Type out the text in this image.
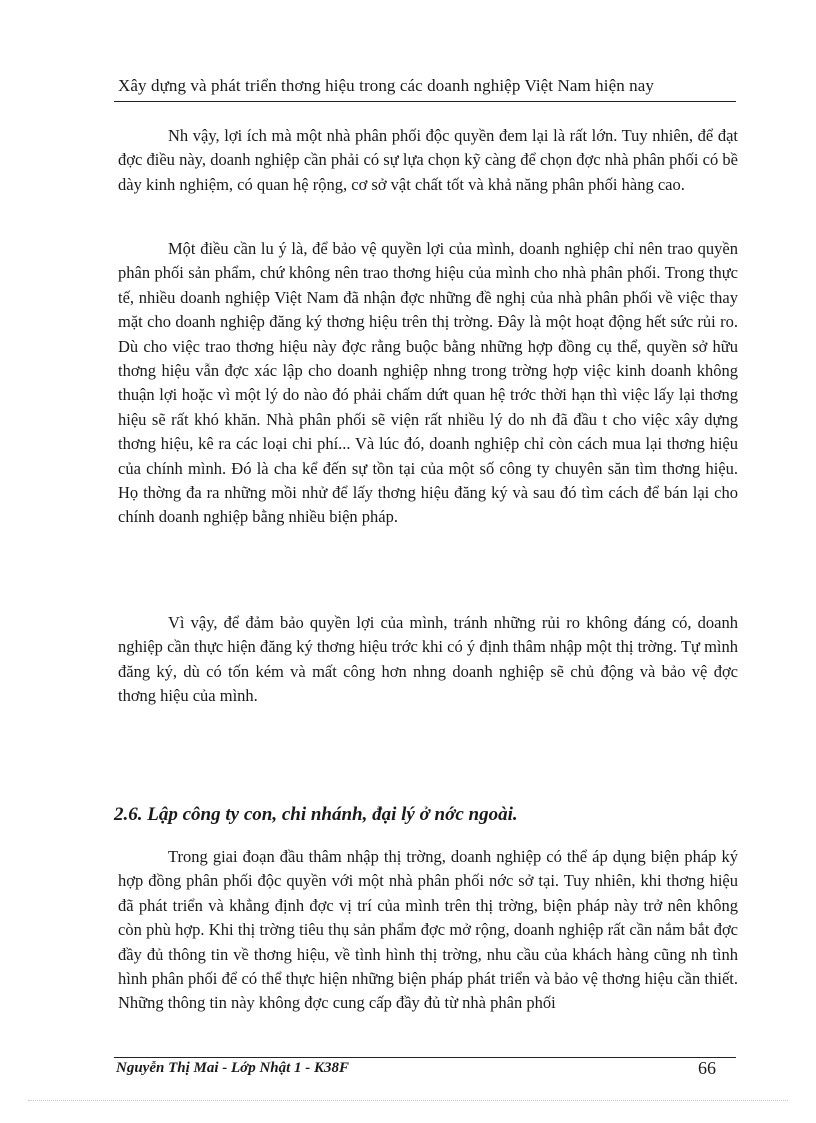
Xây dựng và phát triển thơng hiệu trong các doanh nghiệp Việt Nam hiện nay

Nh vậy, lợi ích mà một nhà phân phối độc quyền đem lại là rất lớn. Tuy nhiên, để đạt đợc điều này, doanh nghiệp cần phải có sự lựa chọn kỹ càng để chọn đợc nhà phân phối có bề dày kinh nghiệm, có quan hệ rộng, cơ sở vật chất tốt và khả năng phân phối hàng cao.

Một điều cần lu ý là, để bảo vệ quyền lợi của mình, doanh nghiệp chỉ nên trao quyền phân phối sản phẩm, chứ không nên trao thơng hiệu của mình cho nhà phân phối. Trong thực tế, nhiều doanh nghiệp Việt Nam đã nhận đợc những đề nghị của nhà phân phối về việc thay mặt cho doanh nghiệp đăng ký thơng hiệu trên thị trờng. Đây là một hoạt động hết sức rủi ro. Dù cho việc trao thơng hiệu này đợc rằng buộc bằng những hợp đồng cụ thể, quyền sở hữu thơng hiệu vẫn đợc xác lập cho doanh nghiệp nhng trong trờng hợp việc kinh doanh không thuận lợi hoặc vì một lý do nào đó phải chấm dứt quan hệ trớc thời hạn thì việc lấy lại thơng hiệu sẽ rất khó khăn. Nhà phân phối sẽ viện rất nhiều lý do nh đã đầu t cho việc xây dựng thơng hiệu, kê ra các loại chi phí... Và lúc đó, doanh nghiệp chỉ còn cách mua lại thơng hiệu của chính mình. Đó là cha kể đến sự tồn tại của một số công ty chuyên săn tìm thơng hiệu. Họ thờng đa ra những mồi nhử để lấy thơng hiệu đăng ký và sau đó tìm cách để bán lại cho chính doanh nghiệp bằng nhiều biện pháp.

Vì vậy, để đảm bảo quyền lợi của mình, tránh những rủi ro không đáng có, doanh nghiệp cần thực hiện đăng ký thơng hiệu trớc khi có ý định thâm nhập một thị trờng. Tự mình đăng ký, dù có tốn kém và mất công hơn nhng doanh nghiệp sẽ chủ động và bảo vệ đợc thơng hiệu của mình.

2.6. Lập công ty con, chi nhánh, đại lý ở nớc ngoài.

Trong giai đoạn đầu thâm nhập thị trờng, doanh nghiệp có thể áp dụng biện pháp ký hợp đồng phân phối độc quyền với một nhà phân phối nớc sở tại. Tuy nhiên, khi thơng hiệu đã phát triển và khẳng định đợc vị trí của mình trên thị trờng, biện pháp này trở nên không còn phù hợp. Khi thị trờng tiêu thụ sản phẩm đợc mở rộng, doanh nghiệp rất cần nắm bắt đợc đầy đủ thông tin về thơng hiệu, về tình hình thị trờng, nhu cầu của khách hàng cũng nh tình hình phân phối để có thể thực hiện những biện pháp phát triển và bảo vệ thơng hiệu cần thiết. Những thông tin này không đợc cung cấp đầy đủ từ nhà phân phối

Nguyễn Thị Mai - Lớp Nhật 1 - K38F	66
